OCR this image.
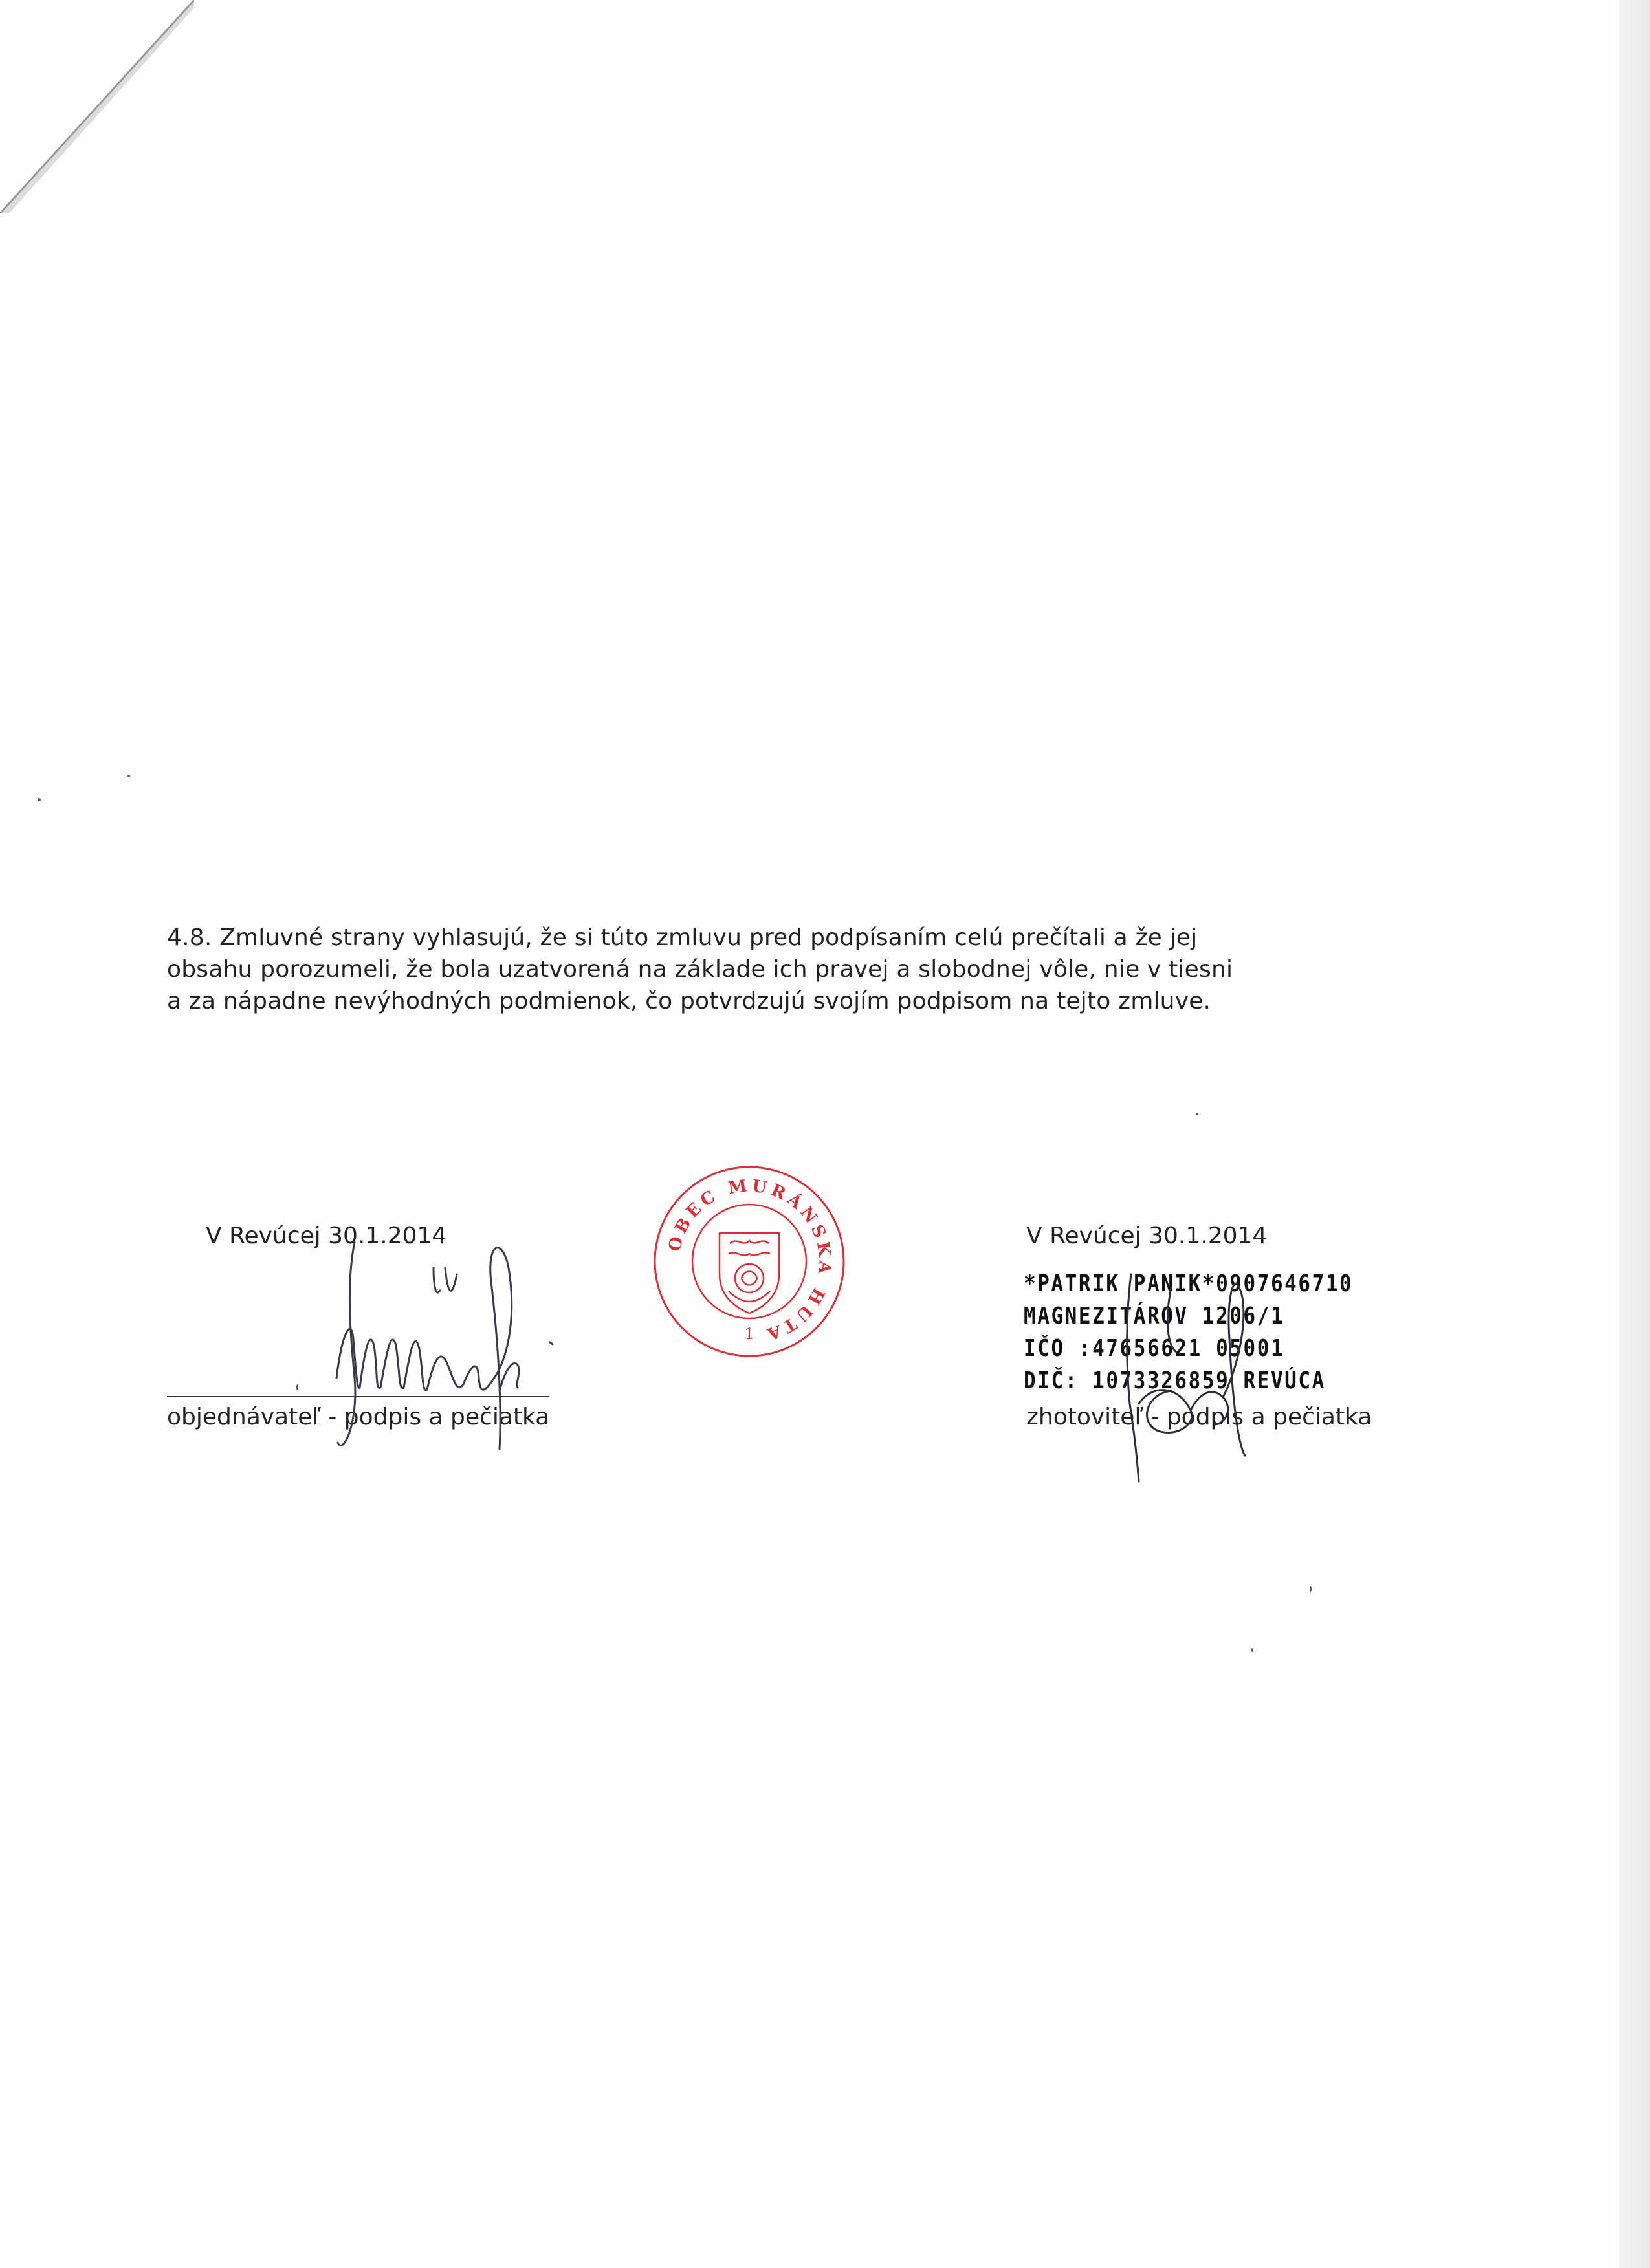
4.8. Zmluvné strany vyhlasujú, že si túto zmluvu pred podpísaním celú prečítali a že jej

obsahu porozumeli, že bola uzatvorená na základe ich pravej a slobodnej vôle, nie v tiesni

a za nápadne nevýhodných podmienok, čo potvrdzujú svojím podpisom na tejto zmluve.

V Revúcej 30.1.2014
objednávateľ - podpis a pečiatka
OBEC MURÁNSKA HUTA
1
V Revúcej 30.1.2014
*PATRIK PANIK*0907646710
MAGNEZITÁROV 1206/1
IČO :47656621 05001
DIČ: 1073326859 REVÚCA
zhotoviteľ - podpis a pečiatka
